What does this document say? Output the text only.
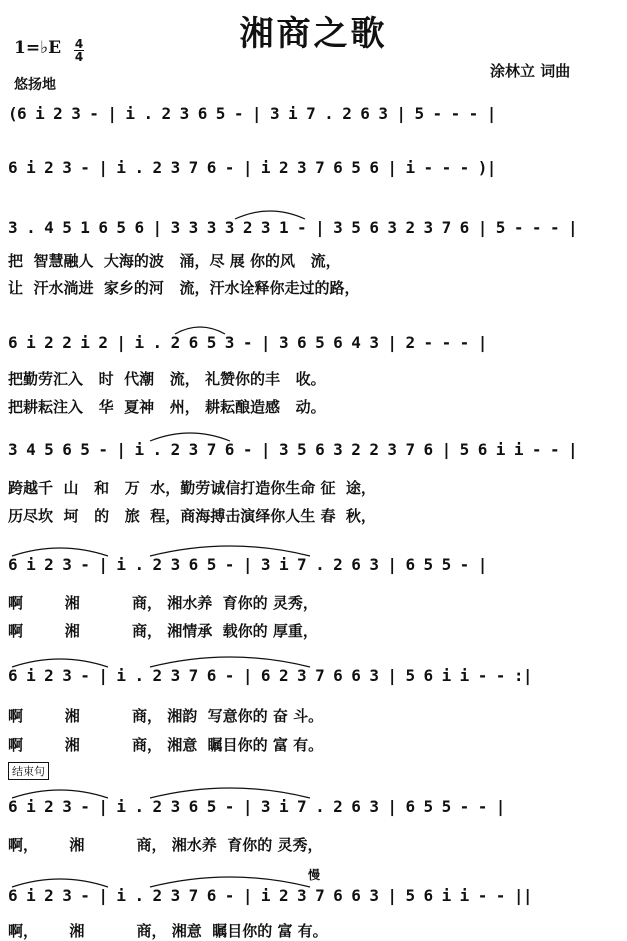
湘商之歌
1=♭E 4
4
悠扬地
涂林立 词曲
(6 i 2 3 - | i . 2 3 6 5 - | 3 i 7 . 2 6 3 | 5 - - - |
6 i 2 3 - | i . 2 3 7 6 - | i 2 3 7 6 5 6 | i - - - )|
3 . 4 5 1 6 5 6 | 3 3 3 3 2 3 1 - | 3 5 6 3 2 3 7 6 | 5 - - - |
把  智慧融人  大海的波   涌，尽 展 你的风   流，
让  汗水淌进  家乡的河   流，汗水诠释你走过的路，
6 i 2 2 i 2 | i . 2 6 5 3 - | 3 6 5 6 4 3 | 2 - - - |
把勤劳汇入   时  代潮   流， 礼赞你的丰   收。
把耕耘注入   华  夏神   州， 耕耘酿造感   动。
3 4 5 6 5 - | i . 2 3 7 6 - | 3 5 6 3 2 2 3 7 6 | 5 6 i i - - |
跨越千  山   和   万  水，勤劳诚信打造你生命 征  途，
历尽坎  坷   的   旅  程，商海搏击演绎你人生 春  秋，
6 i 2 3 - | i . 2 3 6 5 - | 3 i 7 . 2 6 3 | 6 5 5 - |
啊        湘          商， 湘水养  育你的 灵秀，
啊        湘          商， 湘情承  载你的 厚重，
6 i 2 3 - | i . 2 3 7 6 - | 6 2 3 7 6 6 3 | 5 6 i i - - :|
啊        湘          商， 湘韵  写意你的 奋 斗。
啊        湘          商， 湘意  瞩目你的 富 有。
结束句
6 i 2 3 - | i . 2 3 6 5 - | 3 i 7 . 2 6 3 | 6 5 5 - - |
啊，      湘          商， 湘水养  育你的 灵秀，
慢
6 i 2 3 - | i . 2 3 7 6 - | i 2 3 7 6 6 3 | 5 6 i i - - ||
啊，      湘          商， 湘意  瞩目你的 富 有。
